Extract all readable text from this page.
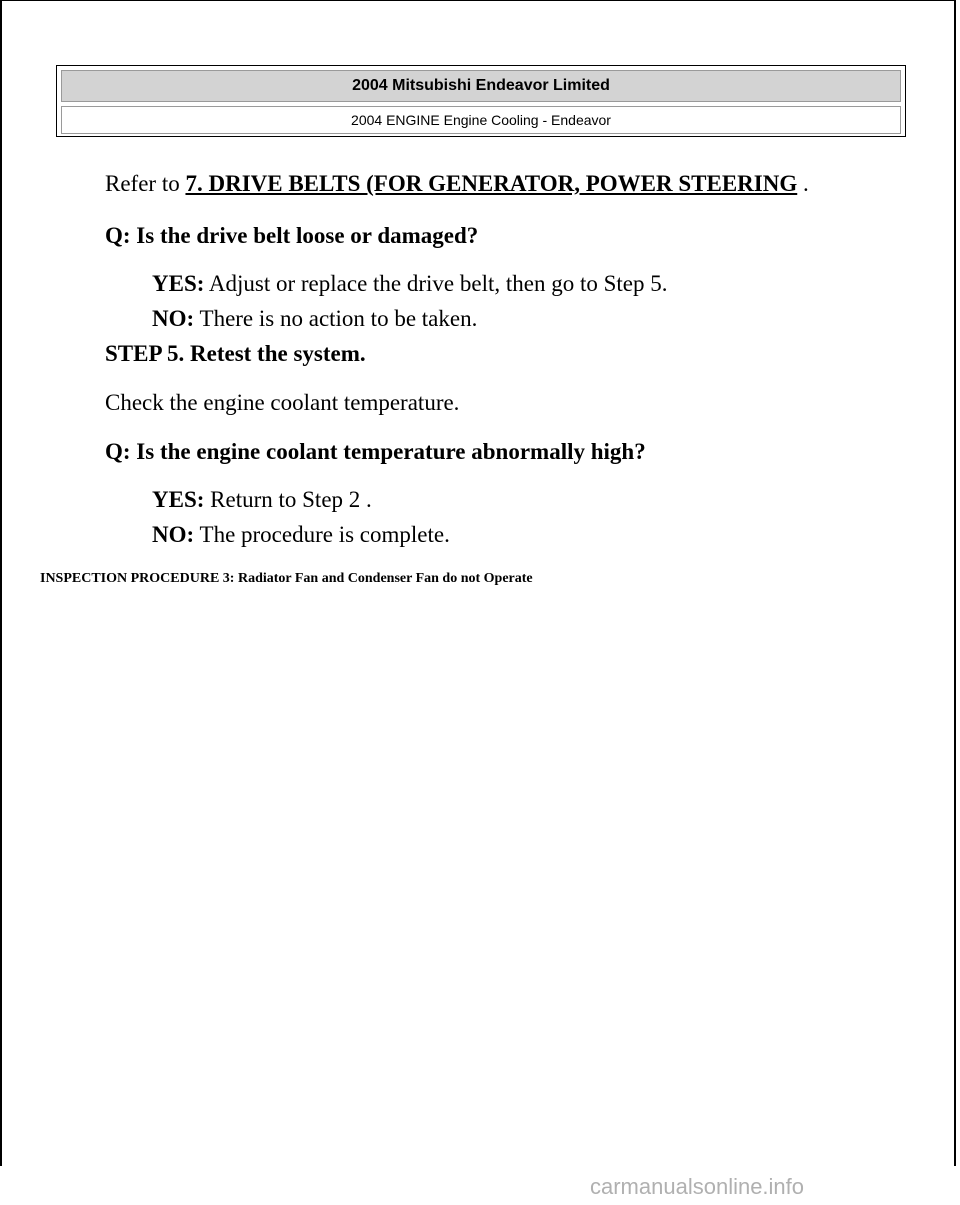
2004 Mitsubishi Endeavor Limited
2004 ENGINE Engine Cooling - Endeavor
Refer to 7. DRIVE BELTS (FOR GENERATOR, POWER STEERING .
Q: Is the drive belt loose or damaged?
YES: Adjust or replace the drive belt, then go to Step 5.
NO: There is no action to be taken.
STEP 5. Retest the system.
Check the engine coolant temperature.
Q: Is the engine coolant temperature abnormally high?
YES: Return to Step 2 .
NO: The procedure is complete.
INSPECTION PROCEDURE 3: Radiator Fan and Condenser Fan do not Operate
carmanualsonline.info
